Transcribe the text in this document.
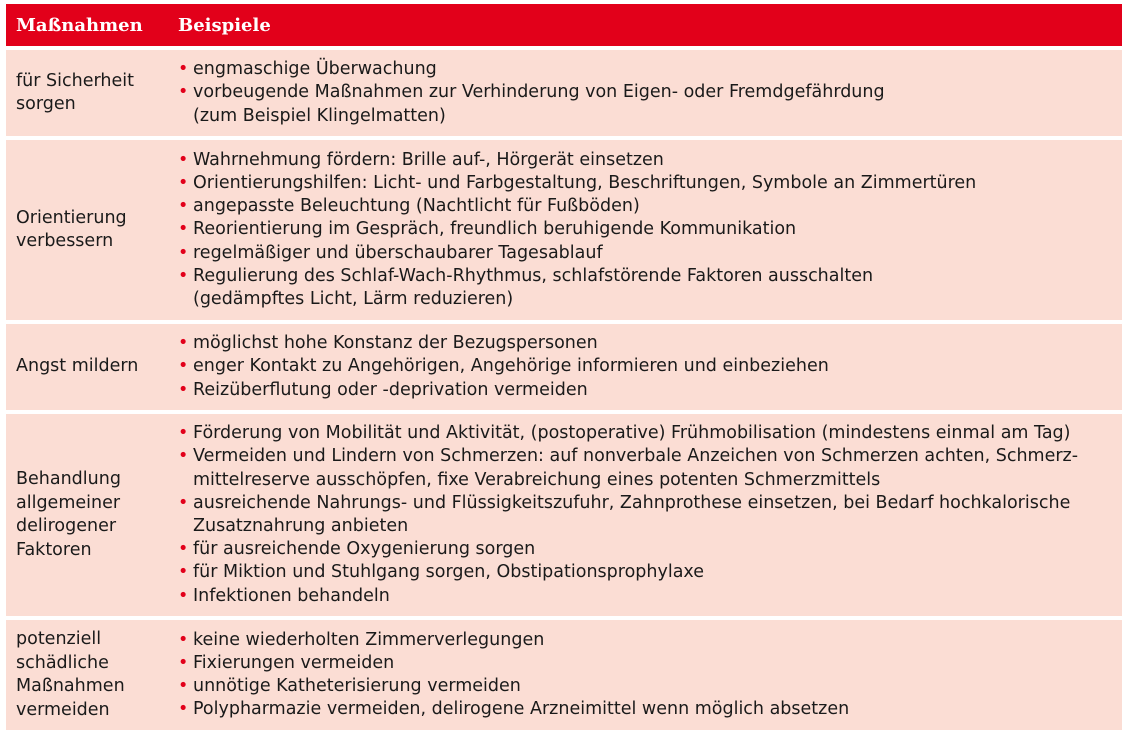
Maßnahmen	Beispiele
für Sicherheit
sorgen
• engmaschige Überwachung
• vorbeugende Maßnahmen zur Verhinderung von Eigen- oder Fremdgefährdung
(zum Beispiel Klingelmatten)
Orientierung
verbessern
• Wahrnehmung fördern: Brille auf-, Hörgerät einsetzen
• Orientierungshilfen: Licht- und Farbgestaltung, Beschriftungen, Symbole an Zimmertüren
• angepasste Beleuchtung (Nachtlicht für Fußböden)
• Reorientierung im Gespräch, freundlich beruhigende Kommunikation
• regelmäßiger und überschaubarer Tagesablauf
• Regulierung des Schlaf-Wach-Rhythmus, schlafstörende Faktoren ausschalten
(gedämpftes Licht, Lärm reduzieren)
Angst mildern
• möglichst hohe Konstanz der Bezugspersonen
• enger Kontakt zu Angehörigen, Angehörige informieren und einbeziehen
• Reizüberflutung oder -deprivation vermeiden
Behandlung
allgemeiner
delirogener
Faktoren
• Förderung von Mobilität und Aktivität, (postoperative) Frühmobilisation (mindestens einmal am Tag)
• Vermeiden und Lindern von Schmerzen: auf nonverbale Anzeichen von Schmerzen achten, Schmerz-
mittelreserve ausschöpfen, fixe Verabreichung eines potenten Schmerzmittels
• ausreichende Nahrungs- und Flüssigkeitszufuhr, Zahnprothese einsetzen, bei Bedarf hochkalorische
Zusatznahrung anbieten
• für ausreichende Oxygenierung sorgen
• für Miktion und Stuhlgang sorgen, Obstipationsprophylaxe
• Infektionen behandeln
potenziell
schädliche
Maßnahmen
vermeiden
• keine wiederholten Zimmerverlegungen
• Fixierungen vermeiden
• unnötige Katheterisierung vermeiden
• Polypharmazie vermeiden, delirogene Arzneimittel wenn möglich absetzen
